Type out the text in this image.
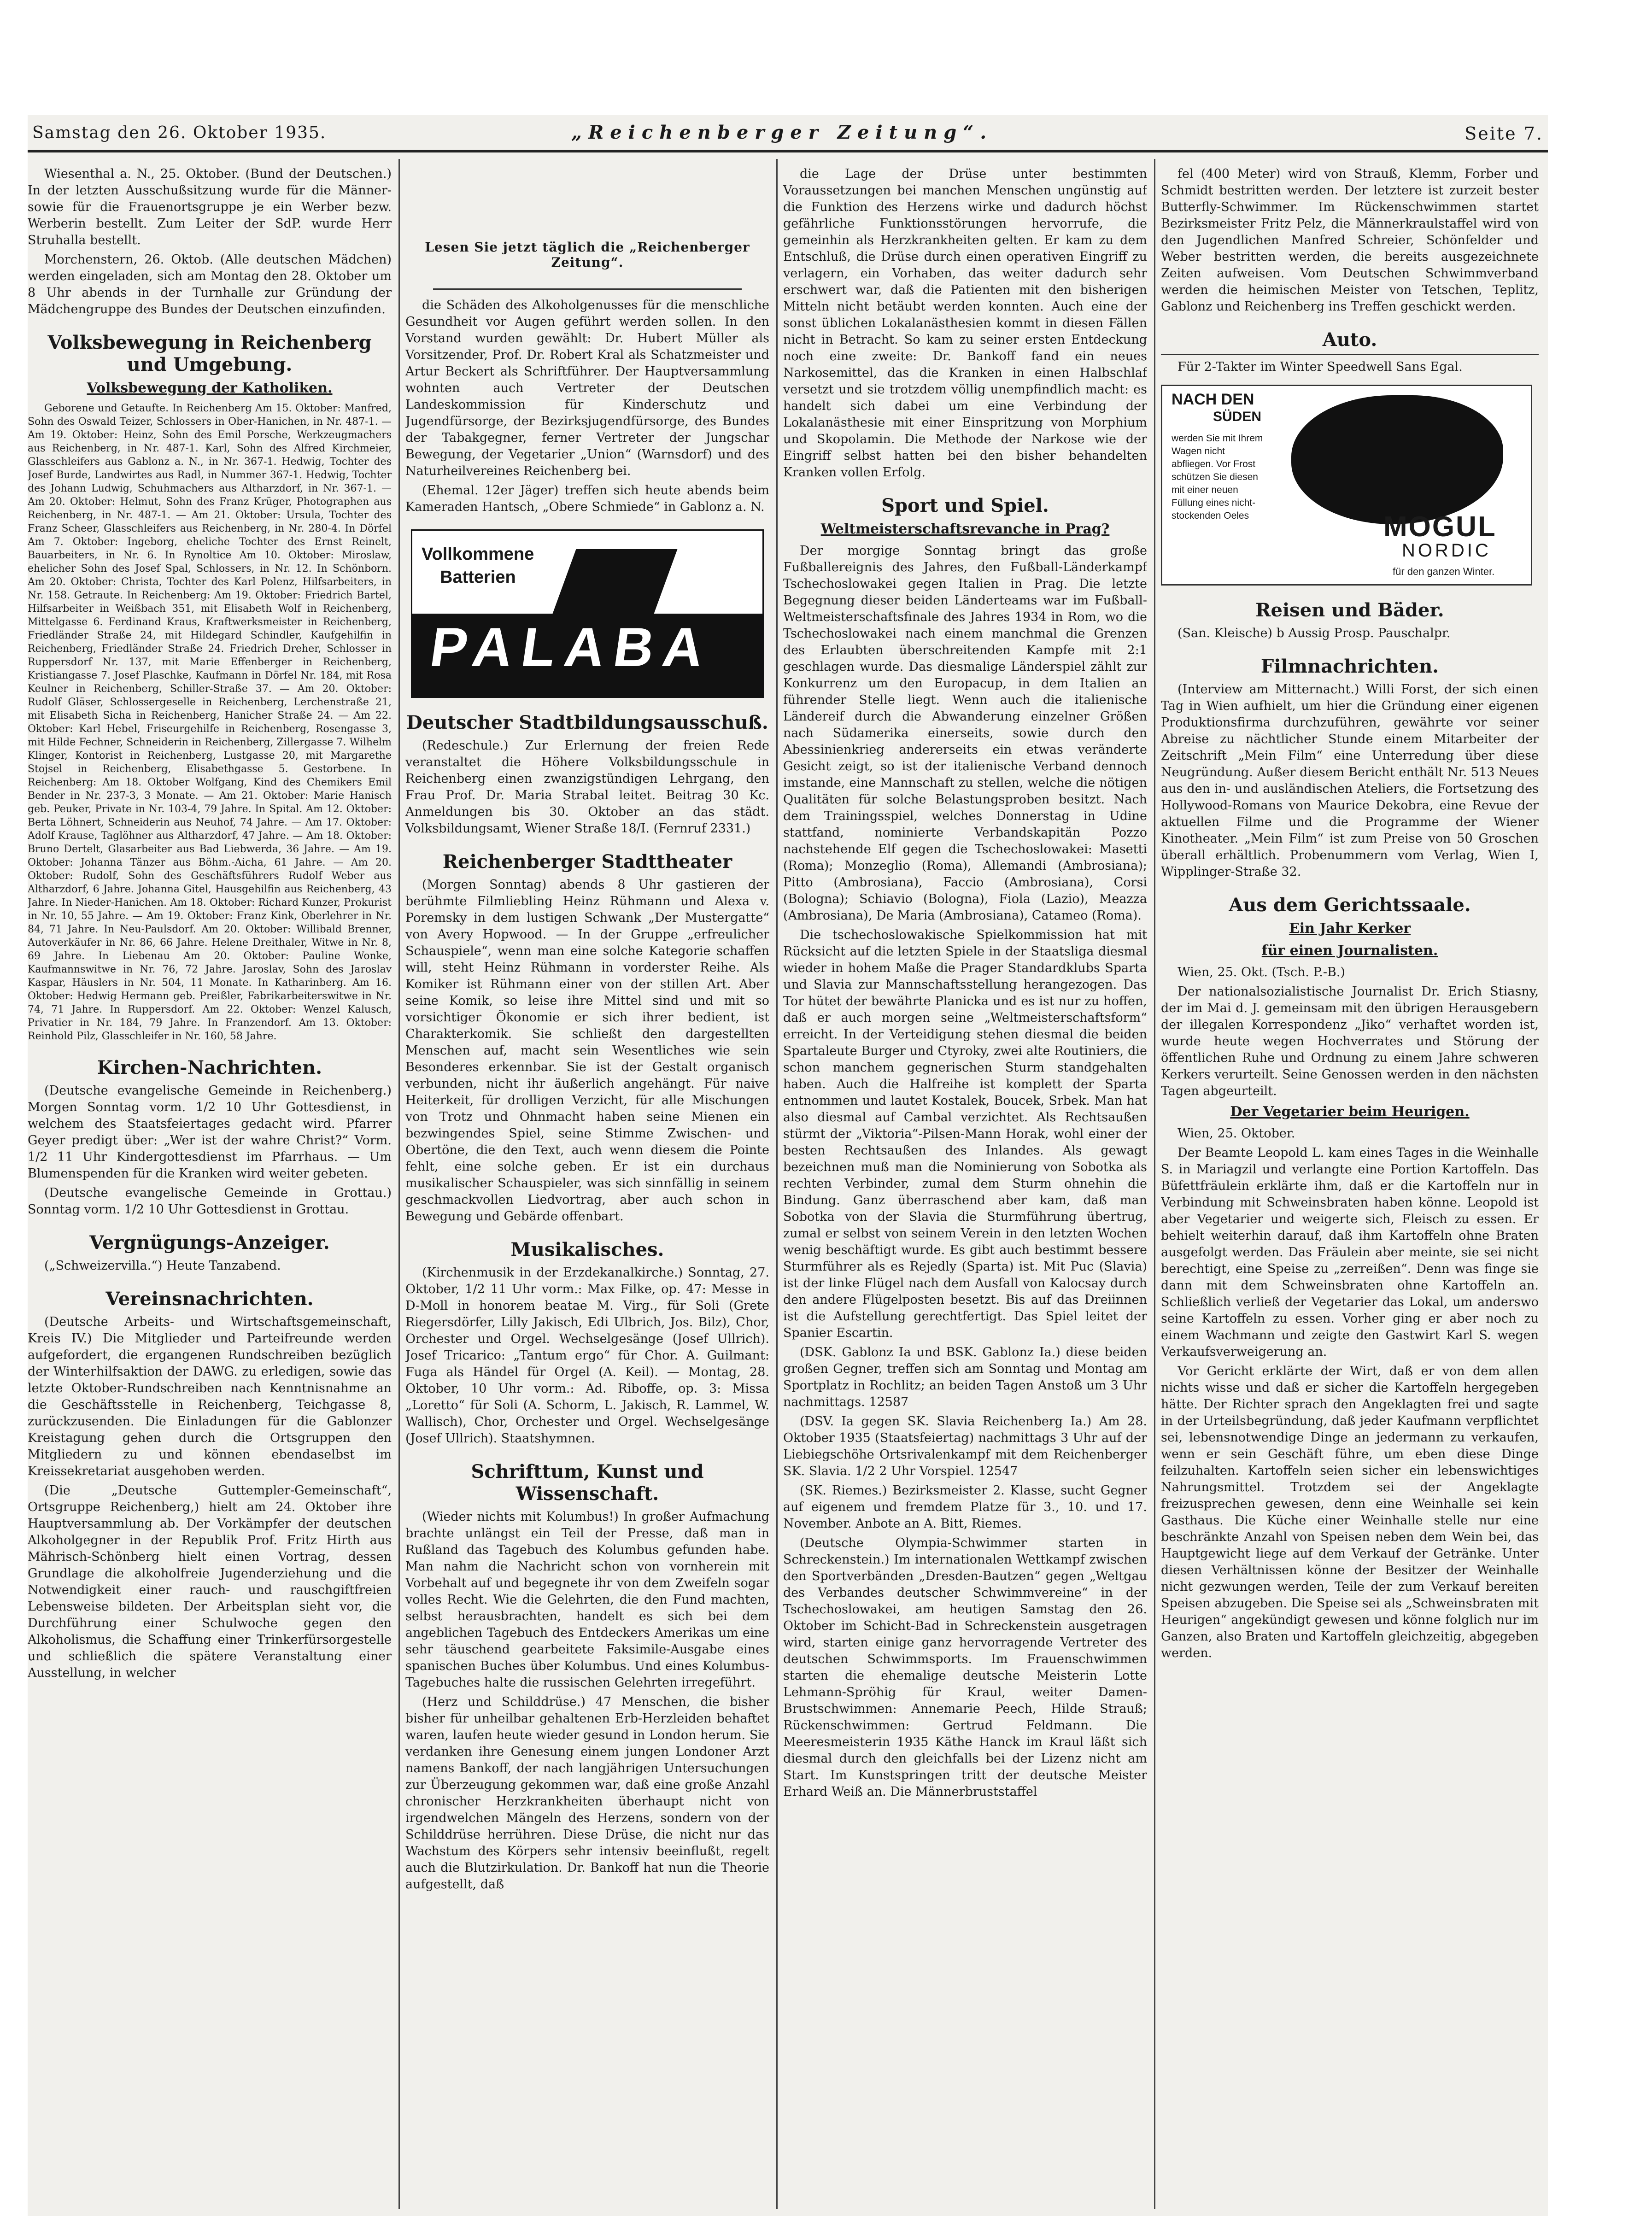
Samstag den 26. Oktober 1935.	„Reichenberger Zeitung“.	Seite 7.

Wiesenthal a. N., 25. Oktober. (Bund der Deutschen.) In der letzten Ausschußsitzung wurde für die Männer- sowie für die Frauenortsgruppe je ein Werber bezw. Werberin bestellt. Zum Leiter der SdP. wurde Herr Struhalla bestellt.

Morchenstern, 26. Oktob. (Alle deutschen Mädchen) werden eingeladen, sich am Montag den 28. Oktober um 8 Uhr abends in der Turnhalle zur Gründung der Mädchengruppe des Bundes der Deutschen einzufinden.

Volksbewegung in Reichenberg und Umgebung.
Volksbewegung der Katholiken.

Geborene und Getaufte. In Reichenberg Am 15. Oktober: Manfred, Sohn des Oswald Teizer, Schlossers in Ober-Hanichen, in Nr. 487-1. — Am 19. Oktober: Heinz, Sohn des Emil Porsche, Werkzeugmachers aus Reichenberg, in Nr. 487-1. Karl, Sohn des Alfred Kirchmeier, Glasschleifers aus Gablonz a. N., in Nr. 367-1. Hedwig, Tochter des Josef Burde, Landwirtes aus Radl, in Nummer 367-1. Hedwig, Tochter des Johann Ludwig, Schuhmachers aus Altharzdorf, in Nr. 367-1. — Am 20. Oktober: Helmut, Sohn des Franz Krüger, Photographen aus Reichenberg, in Nr. 487-1. — Am 21. Oktober: Ursula, Tochter des Franz Scheer, Glasschleifers aus Reichenberg, in Nr. 280-4. In Dörfel Am 7. Oktober: Ingeborg, eheliche Tochter des Ernst Reinelt, Bauarbeiters, in Nr. 6. In Rynoltice Am 10. Oktober: Miroslaw, ehelicher Sohn des Josef Spal, Schlossers, in Nr. 12. In Schönborn. Am 20. Oktober: Christa, Tochter des Karl Polenz, Hilfsarbeiters, in Nr. 158. Getraute. In Reichenberg: Am 19. Oktober: Friedrich Bartel, Hilfsarbeiter in Weißbach 351, mit Elisabeth Wolf in Reichenberg, Mittelgasse 6. Ferdinand Kraus, Kraftwerksmeister in Reichenberg, Friedländer Straße 24, mit Hildegard Schindler, Kaufgehilfin in Reichenberg, Friedländer Straße 24. Friedrich Dreher, Schlosser in Ruppersdorf Nr. 137, mit Marie Effenberger in Reichenberg, Kristiangasse 7. Josef Plaschke, Kaufmann in Dörfel Nr. 184, mit Rosa Keulner in Reichenberg, Schiller-Straße 37. — Am 20. Oktober: Rudolf Gläser, Schlossergeselle in Reichenberg, Lerchenstraße 21, mit Elisabeth Sicha in Reichenberg, Hanicher Straße 24. — Am 22. Oktober: Karl Hebel, Friseurgehilfe in Reichenberg, Rosengasse 3, mit Hilde Fechner, Schneiderin in Reichenberg, Zillergasse 7. Wilhelm Klinger, Kontorist in Reichenberg, Lustgasse 20, mit Margarethe Stojsel in Reichenberg, Elisabethgasse 5. Gestorbene. In Reichenberg: Am 18. Oktober Wolfgang, Kind des Chemikers Emil Bender in Nr. 237-3, 3 Monate. — Am 21. Oktober: Marie Hanisch geb. Peuker, Private in Nr. 103-4, 79 Jahre. In Spital. Am 12. Oktober: Berta Löhnert, Schneiderin aus Neuhof, 74 Jahre. — Am 17. Oktober: Adolf Krause, Taglöhner aus Altharzdorf, 47 Jahre. — Am 18. Oktober: Bruno Dertelt, Glasarbeiter aus Bad Liebwerda, 36 Jahre. — Am 19. Oktober: Johanna Tänzer aus Böhm.-Aicha, 61 Jahre. — Am 20. Oktober: Rudolf, Sohn des Geschäftsführers Rudolf Weber aus Altharzdorf, 6 Jahre. Johanna Gitel, Hausgehilfin aus Reichenberg, 43 Jahre. In Nieder-Hanichen. Am 18. Oktober: Richard Kunzer, Prokurist in Nr. 10, 55 Jahre. — Am 19. Oktober: Franz Kink, Oberlehrer in Nr. 84, 71 Jahre. In Neu-Paulsdorf. Am 20. Oktober: Willibald Brenner, Autoverkäufer in Nr. 86, 66 Jahre. Helene Dreithaler, Witwe in Nr. 8, 69 Jahre. In Liebenau Am 20. Oktober: Pauline Wonke, Kaufmannswitwe in Nr. 76, 72 Jahre. Jaroslav, Sohn des Jaroslav Kaspar, Häuslers in Nr. 504, 11 Monate. In Katharinberg. Am 16. Oktober: Hedwig Hermann geb. Preißler, Fabrikarbeiterswitwe in Nr. 74, 71 Jahre. In Ruppersdorf. Am 22. Oktober: Wenzel Kalusch, Privatier in Nr. 184, 79 Jahre. In Franzendorf. Am 13. Oktober: Reinhold Pilz, Glasschleifer in Nr. 160, 58 Jahre.

Kirchen-Nachrichten.

(Deutsche evangelische Gemeinde in Reichenberg.) Morgen Sonntag vorm. 1/2 10 Uhr Gottesdienst, in welchem des Staatsfeiertages gedacht wird. Pfarrer Geyer predigt über: „Wer ist der wahre Christ?“ Vorm. 1/2 11 Uhr Kindergottesdienst im Pfarrhaus. — Um Blumenspenden für die Kranken wird weiter gebeten.

(Deutsche evangelische Gemeinde in Grottau.) Sonntag vorm. 1/2 10 Uhr Gottesdienst in Grottau.

Vergnügungs-Anzeiger.

(„Schweizervilla.“) Heute Tanzabend.

Vereinsnachrichten.

(Deutsche Arbeits- und Wirtschaftsgemeinschaft, Kreis IV.) Die Mitglieder und Parteifreunde werden aufgefordert, die ergangenen Rundschreiben bezüglich der Winterhilfsaktion der DAWG. zu erledigen, sowie das letzte Oktober-Rundschreiben nach Kenntnisnahme an die Geschäftsstelle in Reichenberg, Teichgasse 8, zurückzusenden. Die Einladungen für die Gablonzer Kreistagung gehen durch die Ortsgruppen den Mitgliedern zu und können ebendaselbst im Kreissekretariat ausgehoben werden.

(Die „Deutsche Guttempler-Gemeinschaft“, Ortsgruppe Reichenberg,) hielt am 24. Oktober ihre Hauptversammlung ab. Der Vorkämpfer der deutschen Alkoholgegner in der Republik Prof. Fritz Hirth aus Mährisch-Schönberg hielt einen Vortrag, dessen Grundlage die alkoholfreie Jugenderziehung und die Notwendigkeit einer rauch- und rauschgiftfreien Lebensweise bildeten. Der Arbeitsplan sieht vor, die Durchführung einer Schulwoche gegen den Alkoholismus, die Schaffung einer Trinkerfürsorgestelle und schließlich die spätere Veranstaltung einer Ausstellung, in welcher

Lesen Sie jetzt täglich die „Reichenberger Zeitung“.

die Schäden des Alkoholgenusses für die menschliche Gesundheit vor Augen geführt werden sollen. In den Vorstand wurden gewählt: Dr. Hubert Müller als Vorsitzender, Prof. Dr. Robert Kral als Schatzmeister und Artur Beckert als Schriftführer. Der Hauptversammlung wohnten auch Vertreter der Deutschen Landeskommission für Kinderschutz und Jugendfürsorge, der Bezirksjugendfürsorge, des Bundes der Tabakgegner, ferner Vertreter der Jungschar Bewegung, der Vegetarier „Union“ (Warnsdorf) und des Naturheilvereines Reichenberg bei.

(Ehemal. 12er Jäger) treffen sich heute abends beim Kameraden Hantsch, „Obere Schmiede“ in Gablonz a. N.

Vollkommene
Batterien
PALABA
Deutscher Stadtbildungsausschuß.

(Redeschule.) Zur Erlernung der freien Rede veranstaltet die Höhere Volksbildungsschule in Reichenberg einen zwanzigstündigen Lehrgang, den Frau Prof. Dr. Maria Strabal leitet. Beitrag 30 Kc. Anmeldungen bis 30. Oktober an das städt. Volksbildungsamt, Wiener Straße 18/I. (Fernruf 2331.)

Reichenberger Stadttheater

(Morgen Sonntag) abends 8 Uhr gastieren der berühmte Filmliebling Heinz Rühmann und Alexa v. Poremsky in dem lustigen Schwank „Der Mustergatte“ von Avery Hopwood. — In der Gruppe „erfreulicher Schauspiele“, wenn man eine solche Kategorie schaffen will, steht Heinz Rühmann in vorderster Reihe. Als Komiker ist Rühmann einer von der stillen Art. Aber seine Komik, so leise ihre Mittel sind und mit so vorsichtiger Ökonomie er sich ihrer bedient, ist Charakterkomik. Sie schließt den dargestellten Menschen auf, macht sein Wesentliches wie sein Besonderes erkennbar. Sie ist der Gestalt organisch verbunden, nicht ihr äußerlich angehängt. Für naive Heiterkeit, für drolligen Verzicht, für alle Mischungen von Trotz und Ohnmacht haben seine Mienen ein bezwingendes Spiel, seine Stimme Zwischen- und Obertöne, die den Text, auch wenn diesem die Pointe fehlt, eine solche geben. Er ist ein durchaus musikalischer Schauspieler, was sich sinnfällig in seinem geschmackvollen Liedvortrag, aber auch schon in Bewegung und Gebärde offenbart.

Musikalisches.

(Kirchenmusik in der Erzdekanalkirche.) Sonntag, 27. Oktober, 1/2 11 Uhr vorm.: Max Filke, op. 47: Messe in D-Moll in honorem beatae M. Virg., für Soli (Grete Riegersdörfer, Lilly Jakisch, Edi Ulbrich, Jos. Bilz), Chor, Orchester und Orgel. Wechselgesänge (Josef Ullrich). Josef Tricarico: „Tantum ergo“ für Chor. A. Guilmant: Fuga als Händel für Orgel (A. Keil). — Montag, 28. Oktober, 10 Uhr vorm.: Ad. Riboffe, op. 3: Missa „Loretto“ für Soli (A. Schorm, L. Jakisch, R. Lammel, W. Wallisch), Chor, Orchester und Orgel. Wechselgesänge (Josef Ullrich). Staatshymnen.

Schrifttum, Kunst und Wissenschaft.

(Wieder nichts mit Kolumbus!) In großer Aufmachung brachte unlängst ein Teil der Presse, daß man in Rußland das Tagebuch des Kolumbus gefunden habe. Man nahm die Nachricht schon von vornherein mit Vorbehalt auf und begegnete ihr von dem Zweifeln sogar volles Recht. Wie die Gelehrten, die den Fund machten, selbst herausbrachten, handelt es sich bei dem angeblichen Tagebuch des Entdeckers Amerikas um eine sehr täuschend gearbeitete Faksimile-Ausgabe eines spanischen Buches über Kolumbus. Und eines Kolumbus-Tagebuches halte die russischen Gelehrten irregeführt.

(Herz und Schilddrüse.) 47 Menschen, die bisher bisher für unheilbar gehaltenen Erb-Herzleiden behaftet waren, laufen heute wieder gesund in London herum. Sie verdanken ihre Genesung einem jungen Londoner Arzt namens Bankoff, der nach langjährigen Untersuchungen zur Überzeugung gekommen war, daß eine große Anzahl chronischer Herzkrankheiten überhaupt nicht von irgendwelchen Mängeln des Herzens, sondern von der Schilddrüse herrühren. Diese Drüse, die nicht nur das Wachstum des Körpers sehr intensiv beeinflußt, regelt auch die Blutzirkulation. Dr. Bankoff hat nun die Theorie aufgestellt, daß

die Lage der Drüse unter bestimmten Voraussetzungen bei manchen Menschen ungünstig auf die Funktion des Herzens wirke und dadurch höchst gefährliche Funktionsstörungen hervorrufe, die gemeinhin als Herzkrankheiten gelten. Er kam zu dem Entschluß, die Drüse durch einen operativen Eingriff zu verlagern, ein Vorhaben, das weiter dadurch sehr erschwert war, daß die Patienten mit den bisherigen Mitteln nicht betäubt werden konnten. Auch eine der sonst üblichen Lokalanästhesien kommt in diesen Fällen nicht in Betracht. So kam zu seiner ersten Entdeckung noch eine zweite: Dr. Bankoff fand ein neues Narkosemittel, das die Kranken in einen Halbschlaf versetzt und sie trotzdem völlig unempfindlich macht: es handelt sich dabei um eine Verbindung der Lokalanästhesie mit einer Einspritzung von Morphium und Skopolamin. Die Methode der Narkose wie der Eingriff selbst hatten bei den bisher behandelten Kranken vollen Erfolg.

Sport und Spiel.
Weltmeisterschaftsrevanche in Prag?

Der morgige Sonntag bringt das große Fußballereignis des Jahres, den Fußball-Länderkampf Tschechoslowakei gegen Italien in Prag. Die letzte Begegnung dieser beiden Länderteams war im Fußball-Weltmeisterschaftsfinale des Jahres 1934 in Rom, wo die Tschechoslowakei nach einem manchmal die Grenzen des Erlaubten überschreitenden Kampfe mit 2:1 geschlagen wurde. Das diesmalige Länderspiel zählt zur Konkurrenz um den Europacup, in dem Italien an führender Stelle liegt. Wenn auch die italienische Ländereif durch die Abwanderung einzelner Größen nach Südamerika einerseits, sowie durch den Abessinienkrieg andererseits ein etwas veränderte Gesicht zeigt, so ist der italienische Verband dennoch imstande, eine Mannschaft zu stellen, welche die nötigen Qualitäten für solche Belastungsproben besitzt. Nach dem Trainingsspiel, welches Donnerstag in Udine stattfand, nominierte Verbandskapitän Pozzo nachstehende Elf gegen die Tschechoslowakei: Masetti (Roma); Monzeglio (Roma), Allemandi (Ambrosiana); Pitto (Ambrosiana), Faccio (Ambrosiana), Corsi (Bologna); Schiavio (Bologna), Fiola (Lazio), Meazza (Ambrosiana), De Maria (Ambrosiana), Catameo (Roma).

Die tschechoslowakische Spielkommission hat mit Rücksicht auf die letzten Spiele in der Staatsliga diesmal wieder in hohem Maße die Prager Standardklubs Sparta und Slavia zur Mannschaftsstellung herangezogen. Das Tor hütet der bewährte Planicka und es ist nur zu hoffen, daß er auch morgen seine „Weltmeisterschaftsform“ erreicht. In der Verteidigung stehen diesmal die beiden Spartaleute Burger und Ctyroky, zwei alte Routiniers, die schon manchem gegnerischen Sturm standgehalten haben. Auch die Halfreihe ist komplett der Sparta entnommen und lautet Kostalek, Boucek, Srbek. Man hat also diesmal auf Cambal verzichtet. Als Rechtsaußen stürmt der „Viktoria“-Pilsen-Mann Horak, wohl einer der besten Rechtsaußen des Inlandes. Als gewagt bezeichnen muß man die Nominierung von Sobotka als rechten Verbinder, zumal dem Sturm ohnehin die Bindung. Ganz überraschend aber kam, daß man Sobotka von der Slavia die Sturmführung übertrug, zumal er selbst von seinem Verein in den letzten Wochen wenig beschäftigt wurde. Es gibt auch bestimmt bessere Sturmführer als es Rejedly (Sparta) ist. Mit Puc (Slavia) ist der linke Flügel nach dem Ausfall von Kalocsay durch den andere Flügelposten besetzt. Bis auf das Dreiinnen ist die Aufstellung gerechtfertigt. Das Spiel leitet der Spanier Escartin.

(DSK. Gablonz Ia und BSK. Gablonz Ia.) diese beiden großen Gegner, treffen sich am Sonntag und Montag am Sportplatz in Rochlitz; an beiden Tagen Anstoß um 3 Uhr nachmittags. 12587

(DSV. Ia gegen SK. Slavia Reichenberg Ia.) Am 28. Oktober 1935 (Staatsfeiertag) nachmittags 3 Uhr auf der Liebiegschöhe Ortsrivalenkampf mit dem Reichenberger SK. Slavia. 1/2 2 Uhr Vorspiel. 12547

(SK. Riemes.) Bezirksmeister 2. Klasse, sucht Gegner auf eigenem und fremdem Platze für 3., 10. und 17. November. Anbote an A. Bitt, Riemes.

(Deutsche Olympia-Schwimmer starten in Schreckenstein.) Im internationalen Wettkampf zwischen den Sportverbänden „Dresden-Bautzen“ gegen „Weltgau des Verbandes deutscher Schwimmvereine“ in der Tschechoslowakei, am heutigen Samstag den 26. Oktober im Schicht-Bad in Schreckenstein ausgetragen wird, starten einige ganz hervorragende Vertreter des deutschen Schwimmsports. Im Frauenschwimmen starten die ehemalige deutsche Meisterin Lotte Lehmann-Spröhig für Kraul, weiter Damen-Brustschwimmen: Annemarie Peech, Hilde Strauß; Rückenschwimmen: Gertrud Feldmann. Die Meeresmeisterin 1935 Käthe Hanck im Kraul läßt sich diesmal durch den gleichfalls bei der Lizenz nicht am Start. Im Kunstspringen tritt der deutsche Meister Erhard Weiß an. Die Männerbruststaffel

fel (400 Meter) wird von Strauß, Klemm, Forber und Schmidt bestritten werden. Der letztere ist zurzeit bester Butterfly-Schwimmer. Im Rückenschwimmen startet Bezirksmeister Fritz Pelz, die Männerkraulstaffel wird von den Jugendlichen Manfred Schreier, Schönfelder und Weber bestritten werden, die bereits ausgezeichnete Zeiten aufweisen. Vom Deutschen Schwimmverband werden die heimischen Meister von Tetschen, Teplitz, Gablonz und Reichenberg ins Treffen geschickt werden.

Auto.

Für 2-Takter im Winter Speedwell Sans Egal.

NACH DEN
SÜDEN
werden Sie mit Ihrem Wagen nicht abfliegen. Vor Frost schützen Sie diesen mit einer neuen Füllung eines nicht-stockenden Oeles	MOGUL
NORDIC
für den ganzen Winter.
Reisen und Bäder.

(San. Kleische) b Aussig Prosp. Pauschalpr.

Filmnachrichten.

(Interview am Mitternacht.) Willi Forst, der sich einen Tag in Wien aufhielt, um hier die Gründung einer eigenen Produktionsfirma durchzuführen, gewährte vor seiner Abreise zu nächtlicher Stunde einem Mitarbeiter der Zeitschrift „Mein Film“ eine Unterredung über diese Neugründung. Außer diesem Bericht enthält Nr. 513 Neues aus den in- und ausländischen Ateliers, die Fortsetzung des Hollywood-Romans von Maurice Dekobra, eine Revue der aktuellen Filme und die Programme der Wiener Kinotheater. „Mein Film“ ist zum Preise von 50 Groschen überall erhältlich. Probenummern vom Verlag, Wien I, Wipplinger-Straße 32.

Aus dem Gerichtssaale.
Ein Jahr Kerker
für einen Journalisten.

Wien, 25. Okt. (Tsch. P.-B.)

Der nationalsozialistische Journalist Dr. Erich Stiasny, der im Mai d. J. gemeinsam mit den übrigen Herausgebern der illegalen Korrespondenz „Jiko“ verhaftet worden ist, wurde heute wegen Hochverrates und Störung der öffentlichen Ruhe und Ordnung zu einem Jahre schweren Kerkers verurteilt. Seine Genossen werden in den nächsten Tagen abgeurteilt.

Der Vegetarier beim Heurigen.

Wien, 25. Oktober.

Der Beamte Leopold L. kam eines Tages in die Weinhalle S. in Mariagzil und verlangte eine Portion Kartoffeln. Das Büfettfräulein erklärte ihm, daß er die Kartoffeln nur in Verbindung mit Schweinsbraten haben könne. Leopold ist aber Vegetarier und weigerte sich, Fleisch zu essen. Er behielt weiterhin darauf, daß ihm Kartoffeln ohne Braten ausgefolgt werden. Das Fräulein aber meinte, sie sei nicht berechtigt, eine Speise zu „zerreißen“. Denn was finge sie dann mit dem Schweinsbraten ohne Kartoffeln an. Schließlich verließ der Vegetarier das Lokal, um anderswo seine Kartoffeln zu essen. Vorher ging er aber noch zu einem Wachmann und zeigte den Gastwirt Karl S. wegen Verkaufsverweigerung an.

Vor Gericht erklärte der Wirt, daß er von dem allen nichts wisse und daß er sicher die Kartoffeln hergegeben hätte. Der Richter sprach den Angeklagten frei und sagte in der Urteilsbegründung, daß jeder Kaufmann verpflichtet sei, lebensnotwendige Dinge an jedermann zu verkaufen, wenn er sein Geschäft führe, um eben diese Dinge feilzuhalten. Kartoffeln seien sicher ein lebenswichtiges Nahrungsmittel. Trotzdem sei der Angeklagte freizusprechen gewesen, denn eine Weinhalle sei kein Gasthaus. Die Küche einer Weinhalle stelle nur eine beschränkte Anzahl von Speisen neben dem Wein bei, das Hauptgewicht liege auf dem Verkauf der Getränke. Unter diesen Verhältnissen könne der Besitzer der Weinhalle nicht gezwungen werden, Teile der zum Verkauf bereiten Speisen abzugeben. Die Speise sei als „Schweinsbraten mit Heurigen“ angekündigt gewesen und könne folglich nur im Ganzen, also Braten und Kartoffeln gleichzeitig, abgegeben werden.
